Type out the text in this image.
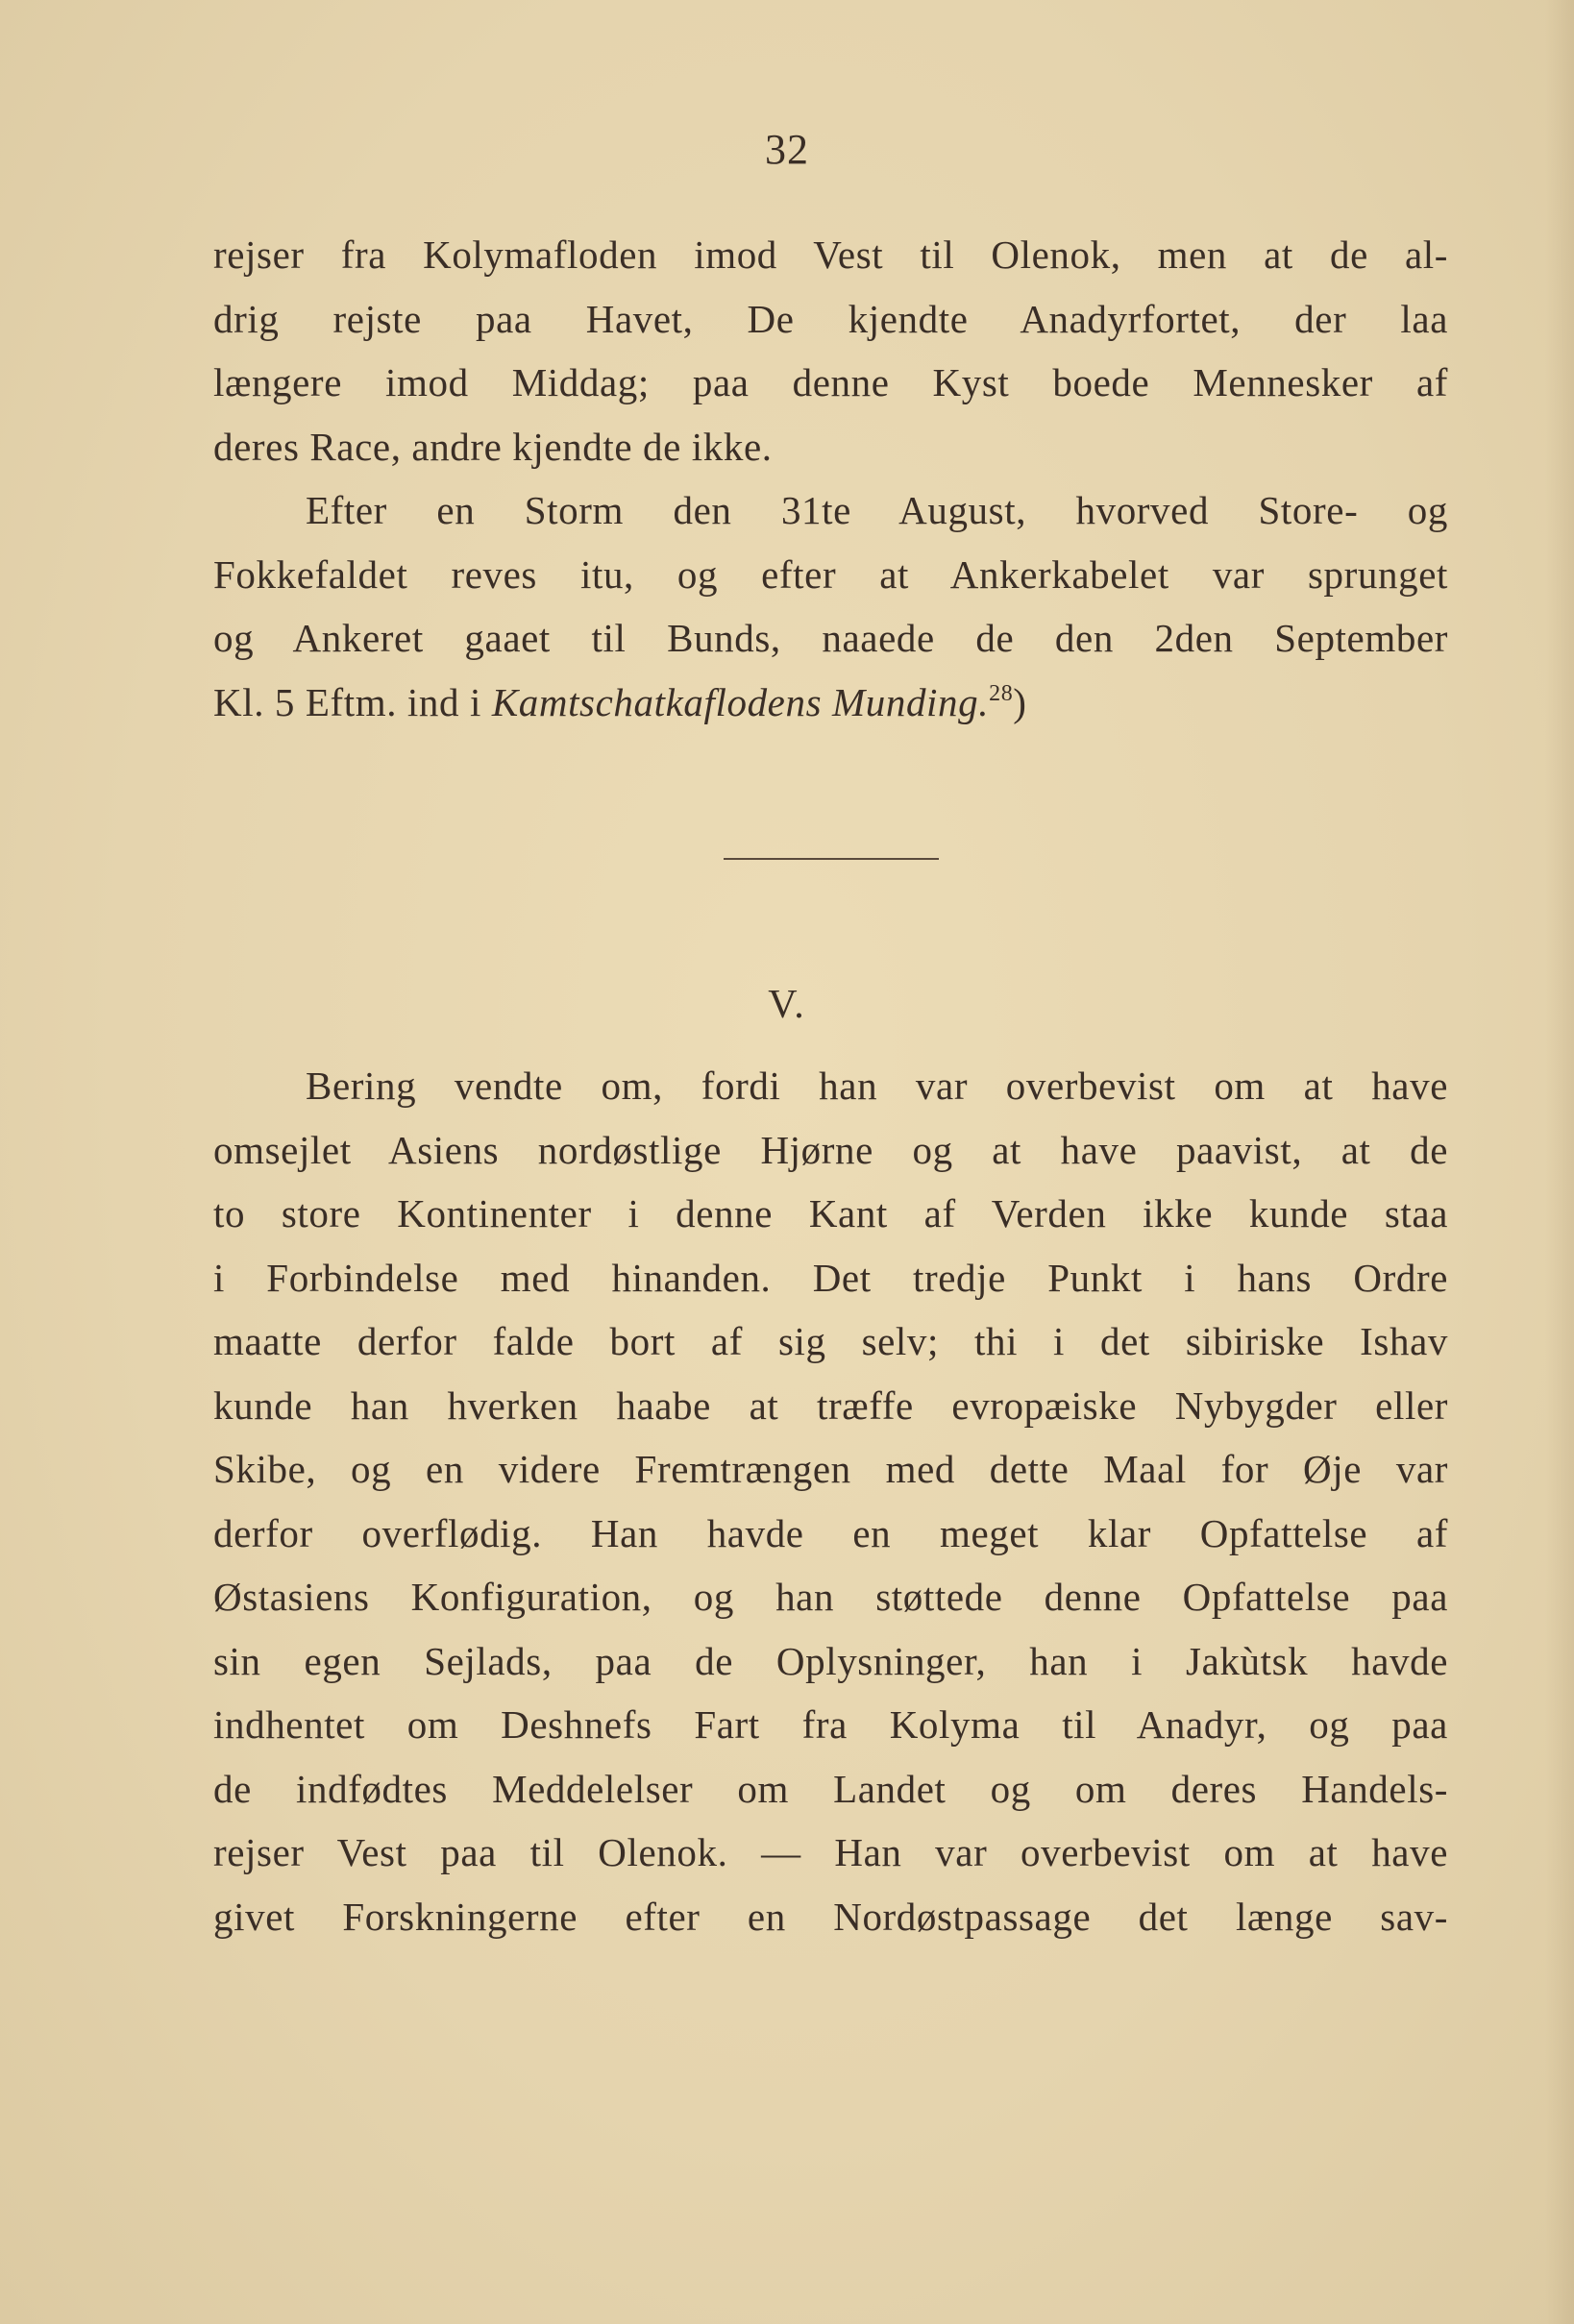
32
rejser fra Kolymafloden imod Vest til Olenok, men at de al-
drig rejste paa Havet, De kjendte Anadyrfortet, der laa
længere imod Middag; paa denne Kyst boede Mennesker af
deres Race, andre kjendte de ikke.
Efter en Storm den 31te August, hvorved Store- og
Fokkefaldet reves itu, og efter at Ankerkabelet var sprunget
og Ankeret gaaet til Bunds, naaede de den 2den September
Kl. 5 Eftm. ind i Kamtschatkaflodens Munding.$^{28}$)
V.
Bering vendte om, fordi han var overbevist om at have
omsejlet Asiens nordøstlige Hjørne og at have paavist, at de
to store Kontinenter i denne Kant af Verden ikke kunde staa
i Forbindelse med hinanden. Det tredje Punkt i hans Ordre
maatte derfor falde bort af sig selv; thi i det sibiriske Ishav
kunde han hverken haabe at træffe evropæiske Nybygder eller
Skibe, og en videre Fremtrængen med dette Maal for Øje var
derfor overflødig. Han havde en meget klar Opfattelse af
Østasiens Konfiguration, og han støttede denne Opfattelse paa
sin egen Sejlads, paa de Oplysninger, han i Jakùtsk havde
indhentet om Deshnefs Fart fra Kolyma til Anadyr, og paa
de indfødtes Meddelelser om Landet og om deres Handels-
rejser Vest paa til Olenok. — Han var overbevist om at have
givet Forskningerne efter en Nordøstpassage det længe sav-
